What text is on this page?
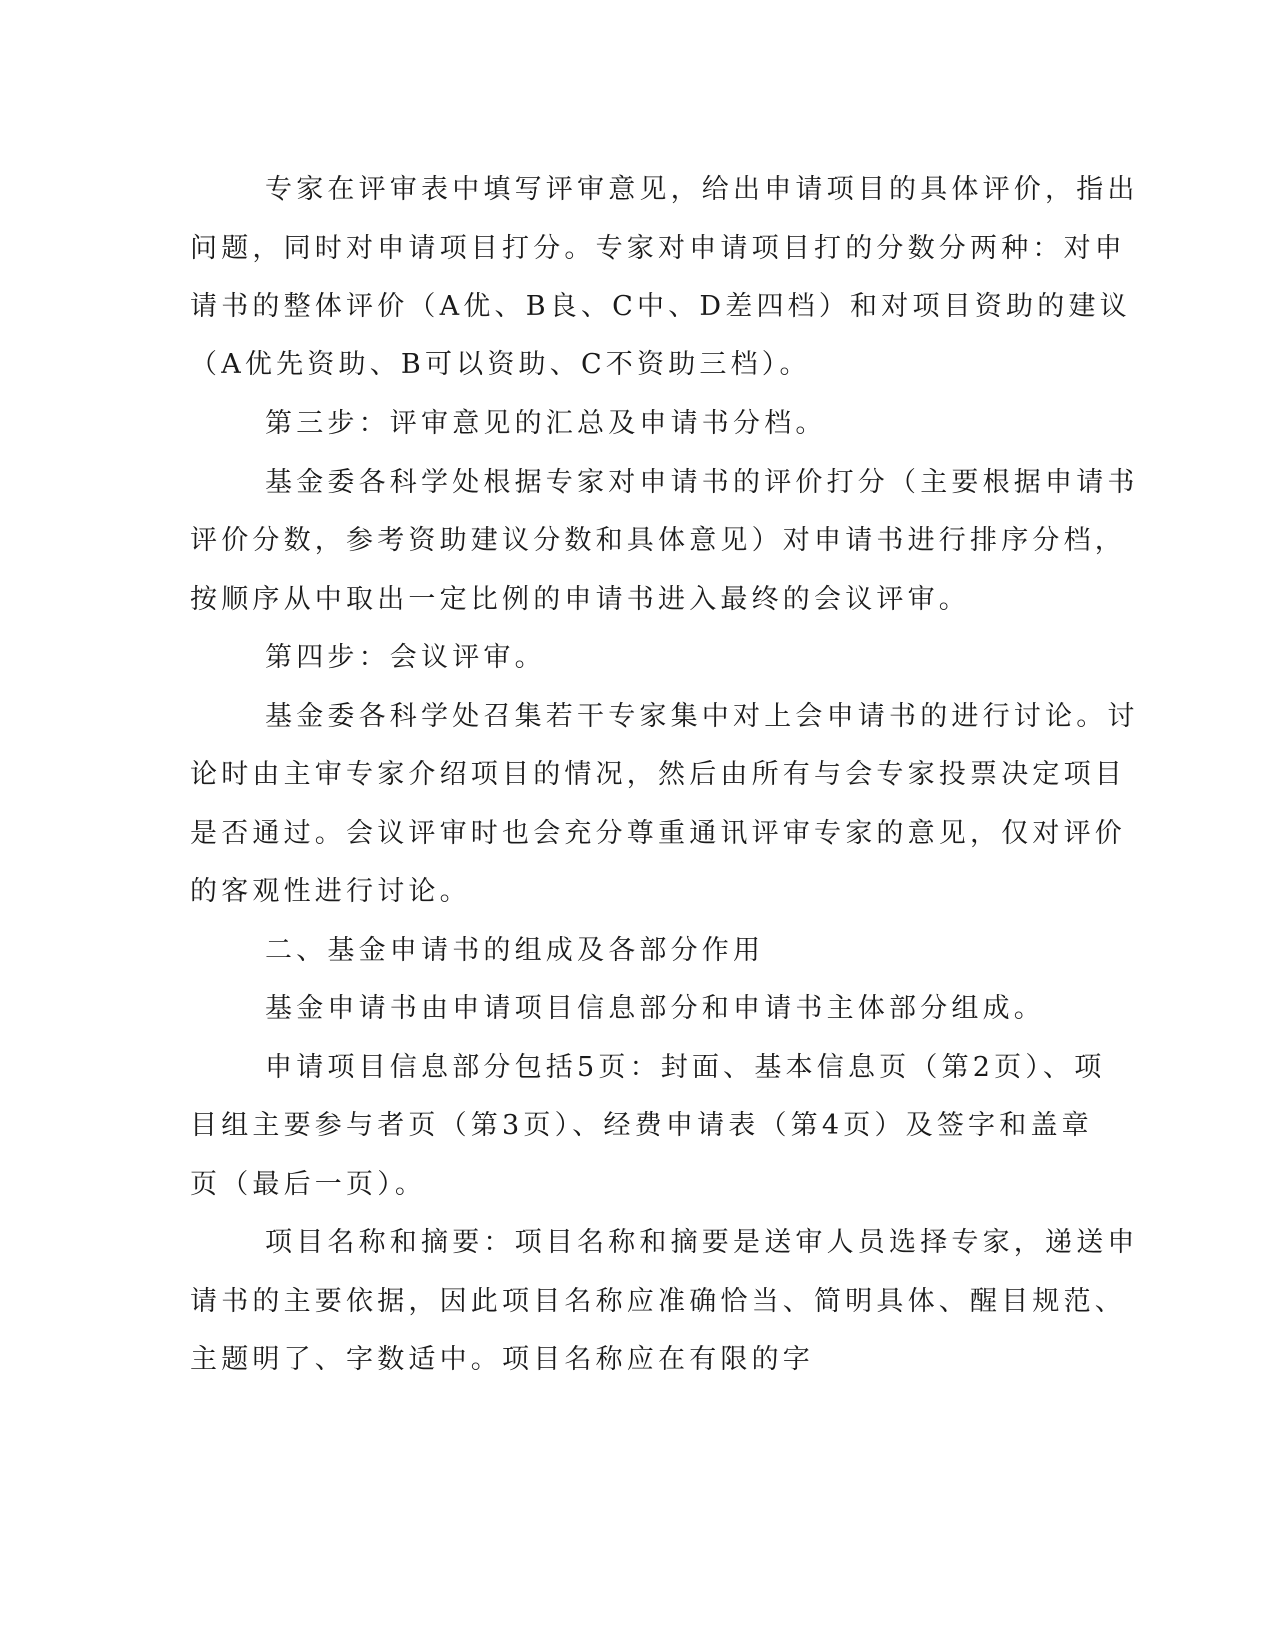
专家在评审表中填写评审意见，给出申请项目的具体评价，指出
问题，同时对申请项目打分。专家对申请项目打的分数分两种：对申
请书的整体评价（A优、B良、C中、D差四档）和对项目资助的建议
（A优先资助、B可以资助、C不资助三档）。
第三步：评审意见的汇总及申请书分档。
基金委各科学处根据专家对申请书的评价打分（主要根据申请书
评价分数，参考资助建议分数和具体意见）对申请书进行排序分档，
按顺序从中取出一定比例的申请书进入最终的会议评审。
第四步：会议评审。
基金委各科学处召集若干专家集中对上会申请书的进行讨论。讨
论时由主审专家介绍项目的情况，然后由所有与会专家投票决定项目
是否通过。会议评审时也会充分尊重通讯评审专家的意见，仅对评价
的客观性进行讨论。
二、基金申请书的组成及各部分作用
基金申请书由申请项目信息部分和申请书主体部分组成。
申请项目信息部分包括5页：封面、基本信息页（第2页）、项
目组主要参与者页（第3页）、经费申请表（第4页）及签字和盖章
页（最后一页）。
项目名称和摘要：项目名称和摘要是送审人员选择专家，递送申
请书的主要依据，因此项目名称应准确恰当、简明具体、醒目规范、
主题明了、字数适中。项目名称应在有限的字
